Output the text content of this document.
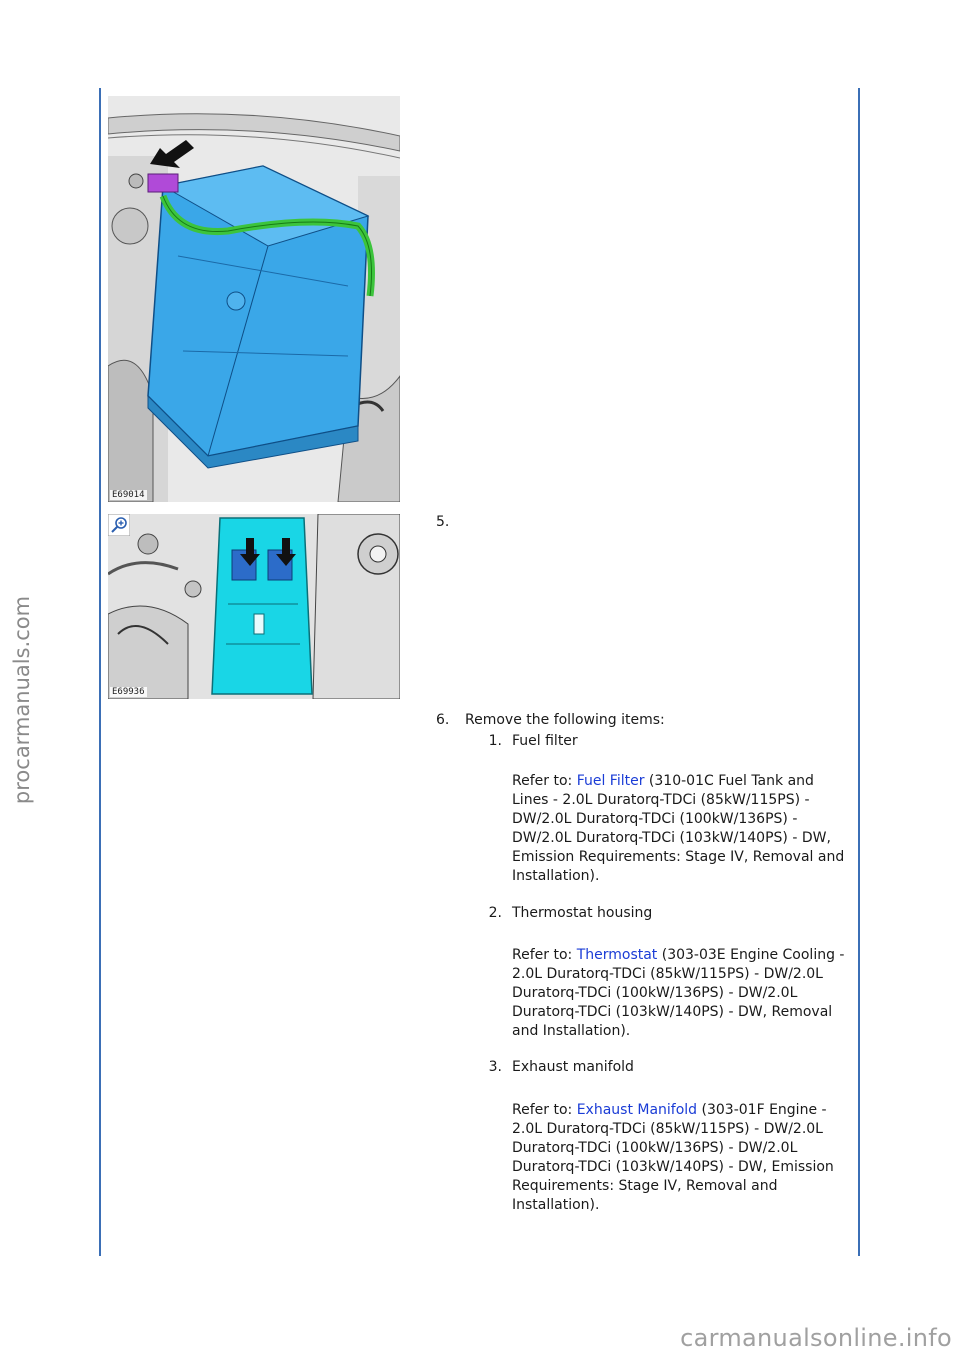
procarmanuals.com
E69014
5.
E69936
6. Remove the following items:
1. Fuel filter
Refer to: Fuel Filter (310-01C Fuel Tank and Lines - 2.0L Duratorq-TDCi (85kW/115PS) - DW/2.0L Duratorq-TDCi (100kW/136PS) - DW/2.0L Duratorq-TDCi (103kW/140PS) - DW, Emission Requirements: Stage IV, Removal and Installation).
2. Thermostat housing
Refer to: Thermostat (303-03E Engine Cooling - 2.0L Duratorq-TDCi (85kW/115PS) - DW/2.0L Duratorq-TDCi (100kW/136PS) - DW/2.0L Duratorq-TDCi (103kW/140PS) - DW, Removal and Installation).
3. Exhaust manifold
Refer to: Exhaust Manifold (303-01F Engine - 2.0L Duratorq-TDCi (85kW/115PS) - DW/2.0L Duratorq-TDCi (100kW/136PS) - DW/2.0L Duratorq-TDCi (103kW/140PS) - DW, Emission Requirements: Stage IV, Removal and Installation).
carmanualsonline.info
